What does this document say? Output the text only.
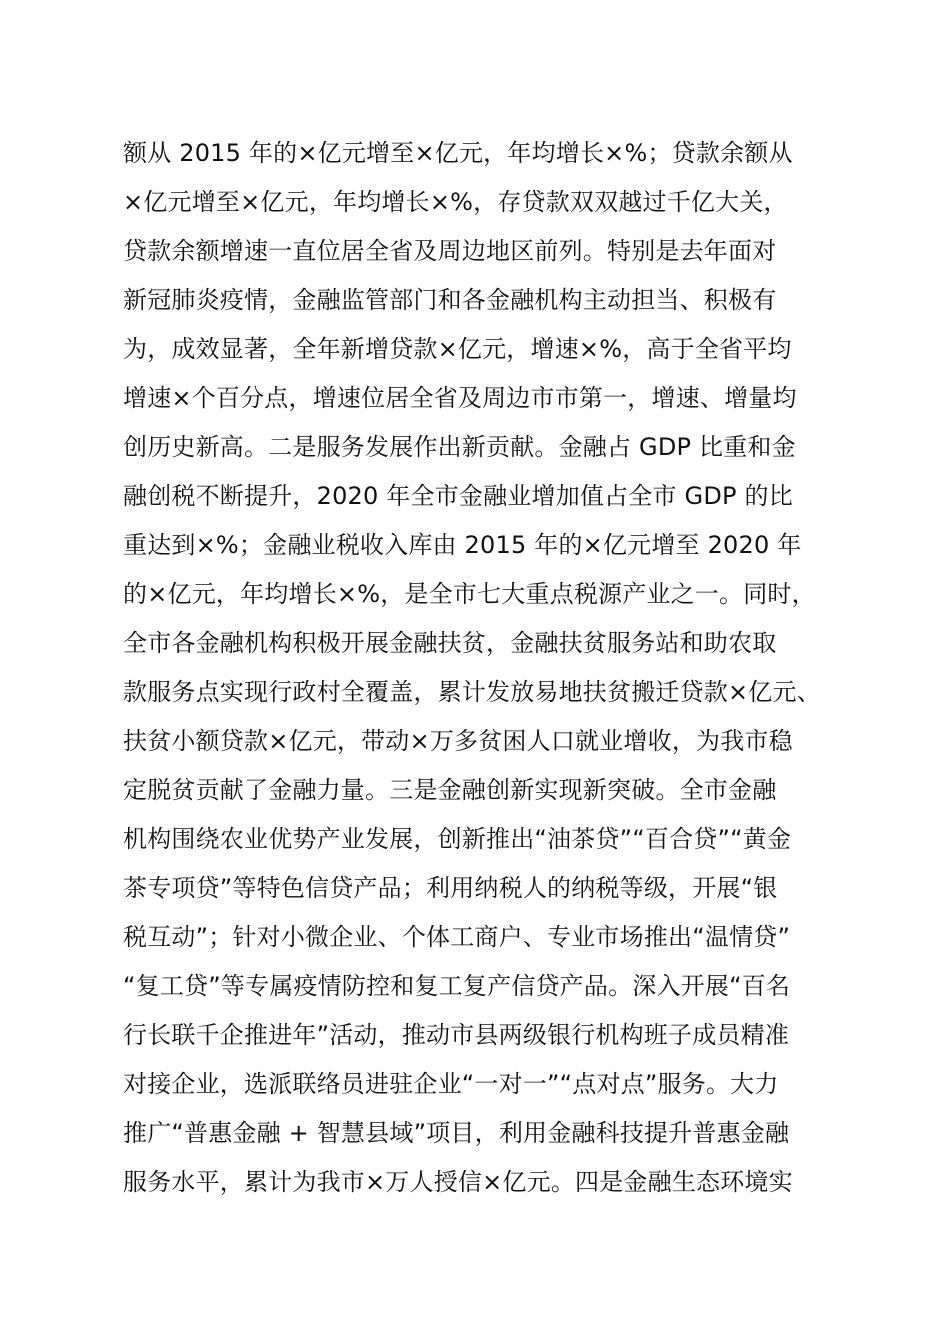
额从 2015 年的×亿元增至×亿元，年均增长×%；贷款余额从
×亿元增至×亿元，年均增长×%，存贷款双双越过千亿大关，
贷款余额增速一直位居全省及周边地区前列。特别是去年面对
新冠肺炎疫情，金融监管部门和各金融机构主动担当、积极有
为，成效显著，全年新增贷款×亿元，增速×%，高于全省平均
增速×个百分点，增速位居全省及周边市市第一，增速、增量均
创历史新高。二是服务发展作出新贡献。金融占 GDP 比重和金
融创税不断提升，2020 年全市金融业增加值占全市 GDP 的比
重达到×%；金融业税收入库由 2015 年的×亿元增至 2020 年
的×亿元，年均增长×%，是全市七大重点税源产业之一。同时，
全市各金融机构积极开展金融扶贫，金融扶贫服务站和助农取
款服务点实现行政村全覆盖，累计发放易地扶贫搬迁贷款×亿元、
扶贫小额贷款×亿元，带动×万多贫困人口就业增收，为我市稳
定脱贫贡献了金融力量。三是金融创新实现新突破。全市金融
机构围绕农业优势产业发展，创新推出“油茶贷”“百合贷”“黄金
茶专项贷”等特色信贷产品；利用纳税人的纳税等级，开展“银
税互动”；针对小微企业、个体工商户、专业市场推出“温情贷”
“复工贷”等专属疫情防控和复工复产信贷产品。深入开展“百名
行长联千企推进年”活动，推动市县两级银行机构班子成员精准
对接企业，选派联络员进驻企业“一对一”“点对点”服务。大力
推广“普惠金融 + 智慧县域”项目，利用金融科技提升普惠金融
服务水平，累计为我市×万人授信×亿元。四是金融生态环境实
